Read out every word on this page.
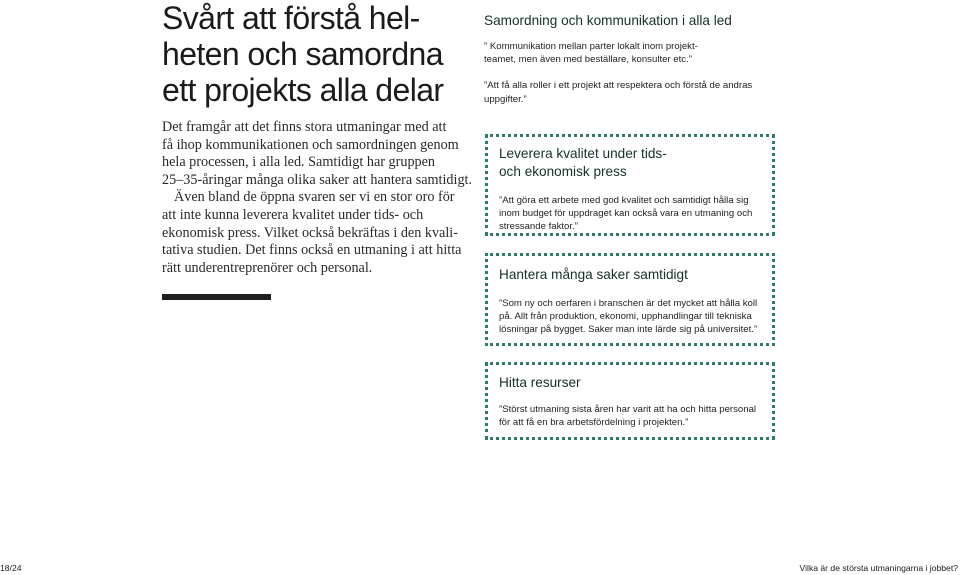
Svårt att förstå hel-
heten och samordna
ett projekts alla delar
Det framgår att det finns stora utmaningar med att
få ihop kommunikationen och samordningen genom
hela processen, i alla led. Samtidigt har gruppen
25–35-åringar många olika saker att hantera samtidigt.
Även bland de öppna svaren ser vi en stor oro för
att inte kunna leverera kvalitet under tids- och
ekonomisk press. Vilket också bekräftas i den kvali-
tativa studien. Det finns också en utmaning i att hitta
rätt underentreprenörer och personal.
Samordning och kommunikation i alla led
” Kommunikation mellan parter lokalt inom projekt-
teamet, men även med beställare, konsulter etc.”
”Att få alla roller i ett projekt att respektera och förstå de andras
uppgifter.”
Leverera kvalitet under tids-
och ekonomisk press
”Att göra ett arbete med god kvalitet och samtidigt hålla sig
inom budget för uppdraget kan också vara en utmaning och
stressande faktor.”
Hantera många saker samtidigt
”Som ny och oerfaren i branschen är det mycket att hålla koll
på. Allt från produktion, ekonomi, upphandlingar till tekniska
lösningar på bygget. Saker man inte lärde sig på universitet.”
Hitta resurser
”Störst utmaning sista åren har varit att ha och hitta personal
för att få en bra arbetsfördelning i projekten.”
18/24	Vilka är de största utmaningarna i jobbet?
